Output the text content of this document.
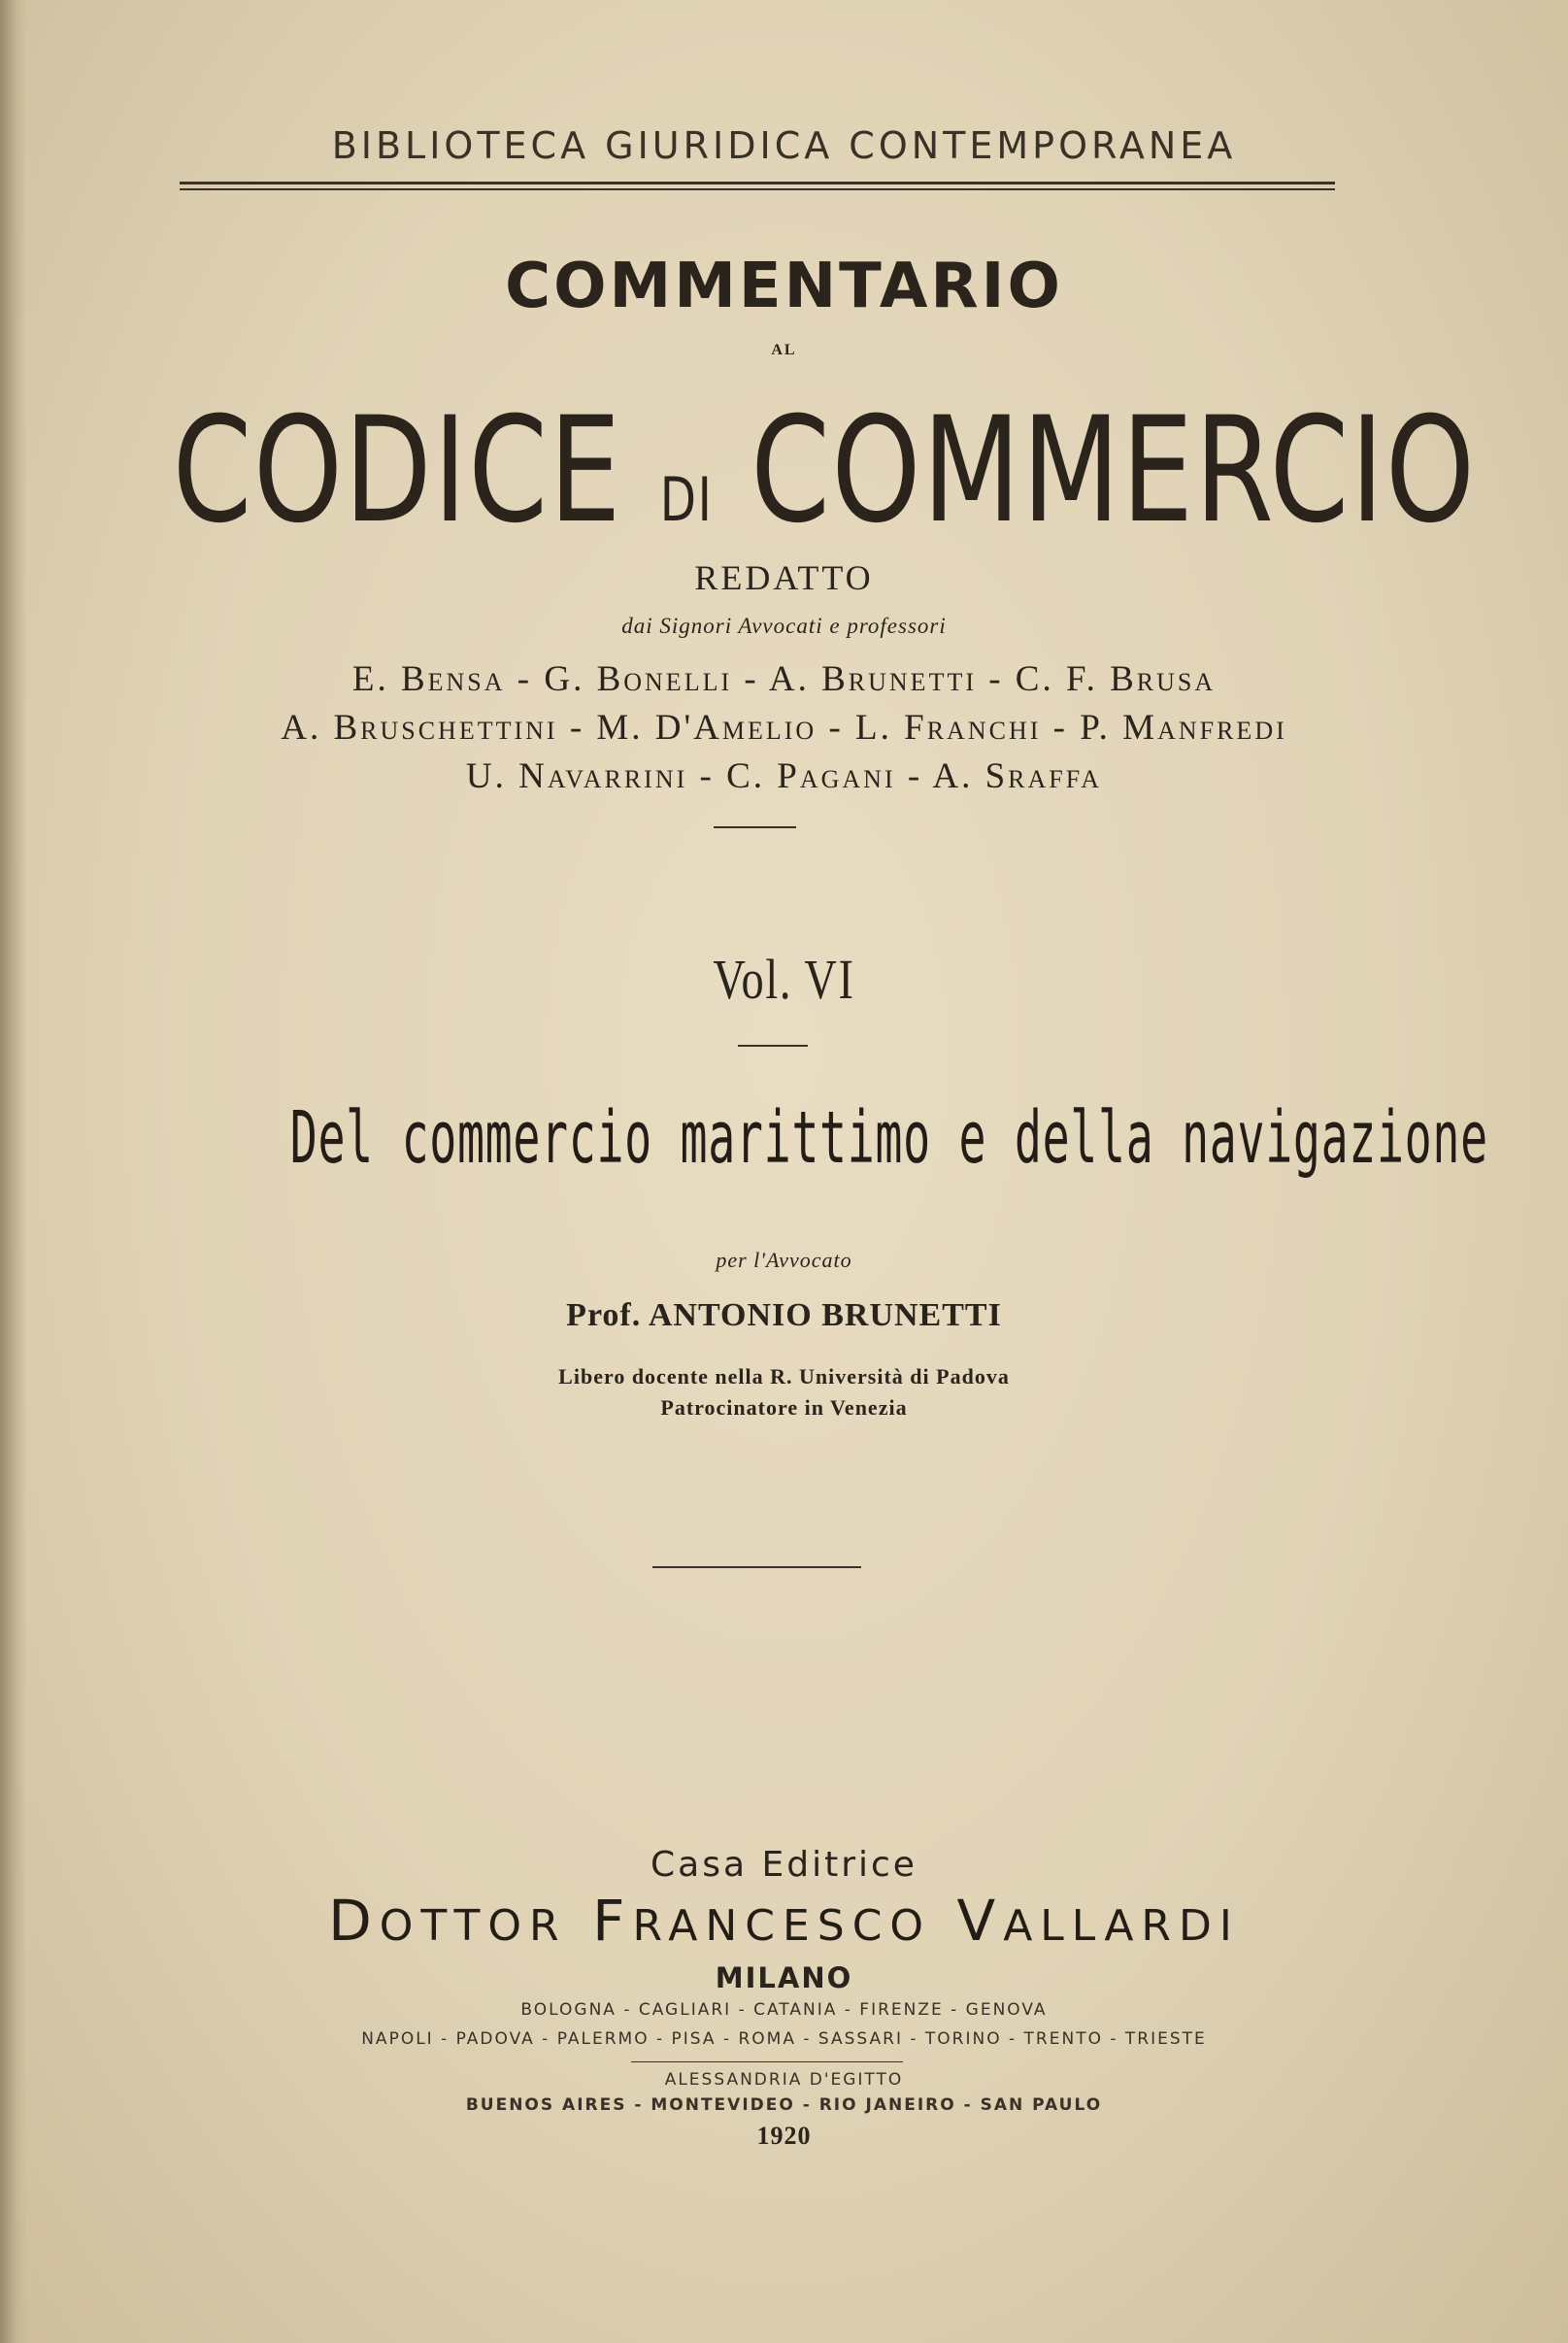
BIBLIOTECA GIURIDICA CONTEMPORANEA
COMMENTARIO
AL
CODICE DI COMMERCIO
REDATTO
dai Signori Avvocati e professori
E. Bensa - G. Bonelli - A. Brunetti - C. F. Brusa
A. Bruschettini - M. D'Amelio - L. Franchi - P. Manfredi
U. Navarrini - C. Pagani - A. Sraffa
Vol. VI
Del commercio marittimo e della navigazione
per l'Avvocato
Prof. ANTONIO BRUNETTI
Libero docente nella R. Università di Padova
Patrocinatore in Venezia
Casa Editrice
DOTTOR FRANCESCO VALLARDI
MILANO
BOLOGNA - CAGLIARI - CATANIA - FIRENZE - GENOVA
NAPOLI - PADOVA - PALERMO - PISA - ROMA - SASSARI - TORINO - TRENTO - TRIESTE
ALESSANDRIA D'EGITTO
BUENOS AIRES - MONTEVIDEO - RIO JANEIRO - SAN PAULO
1920
